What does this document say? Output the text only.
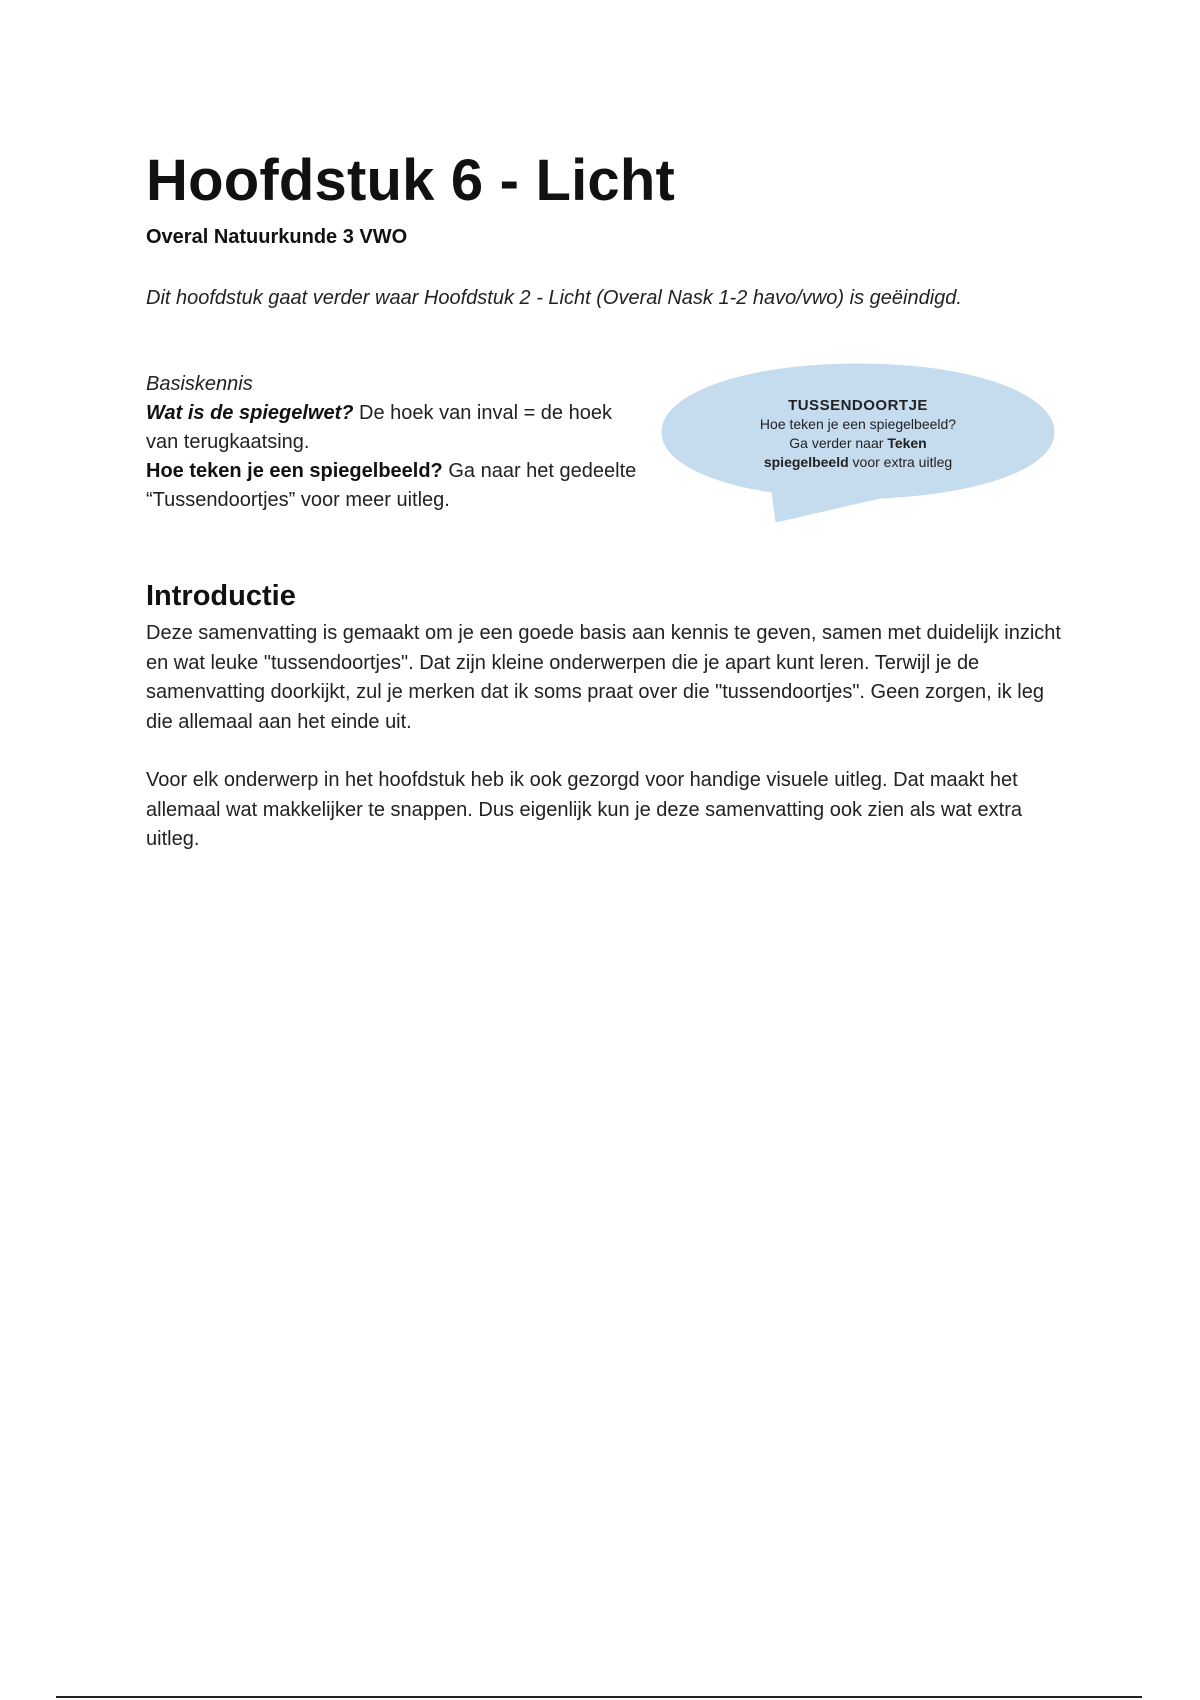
Hoofdstuk 6 - Licht

Overal Natuurkunde 3 VWO

Dit hoofdstuk gaat verder waar Hoofdstuk 2 - Licht (Overal Nask 1-2 havo/vwo) is geëindigd.

Basiskennis

Wat is de spiegelwet? De hoek van inval = de hoek van terugkaatsing.

Hoe teken je een spiegelbeeld? Ga naar het gedeelte “Tussendoortjes” voor meer uitleg.

TUSSENDOORTJE

Hoe teken je een spiegelbeeld?

Ga verder naar Teken

spiegelbeeld voor extra uitleg

Introductie

Deze samenvatting is gemaakt om je een goede basis aan kennis te geven, samen met duidelijk inzicht en wat leuke "tussendoortjes". Dat zijn kleine onderwerpen die je apart kunt leren. Terwijl je de samenvatting doorkijkt, zul je merken dat ik soms praat over die "tussendoortjes". Geen zorgen, ik leg die allemaal aan het einde uit.

Voor elk onderwerp in het hoofdstuk heb ik ook gezorgd voor handige visuele uitleg. Dat maakt het allemaal wat makkelijker te snappen. Dus eigenlijk kun je deze samenvatting ook zien als wat extra uitleg.
